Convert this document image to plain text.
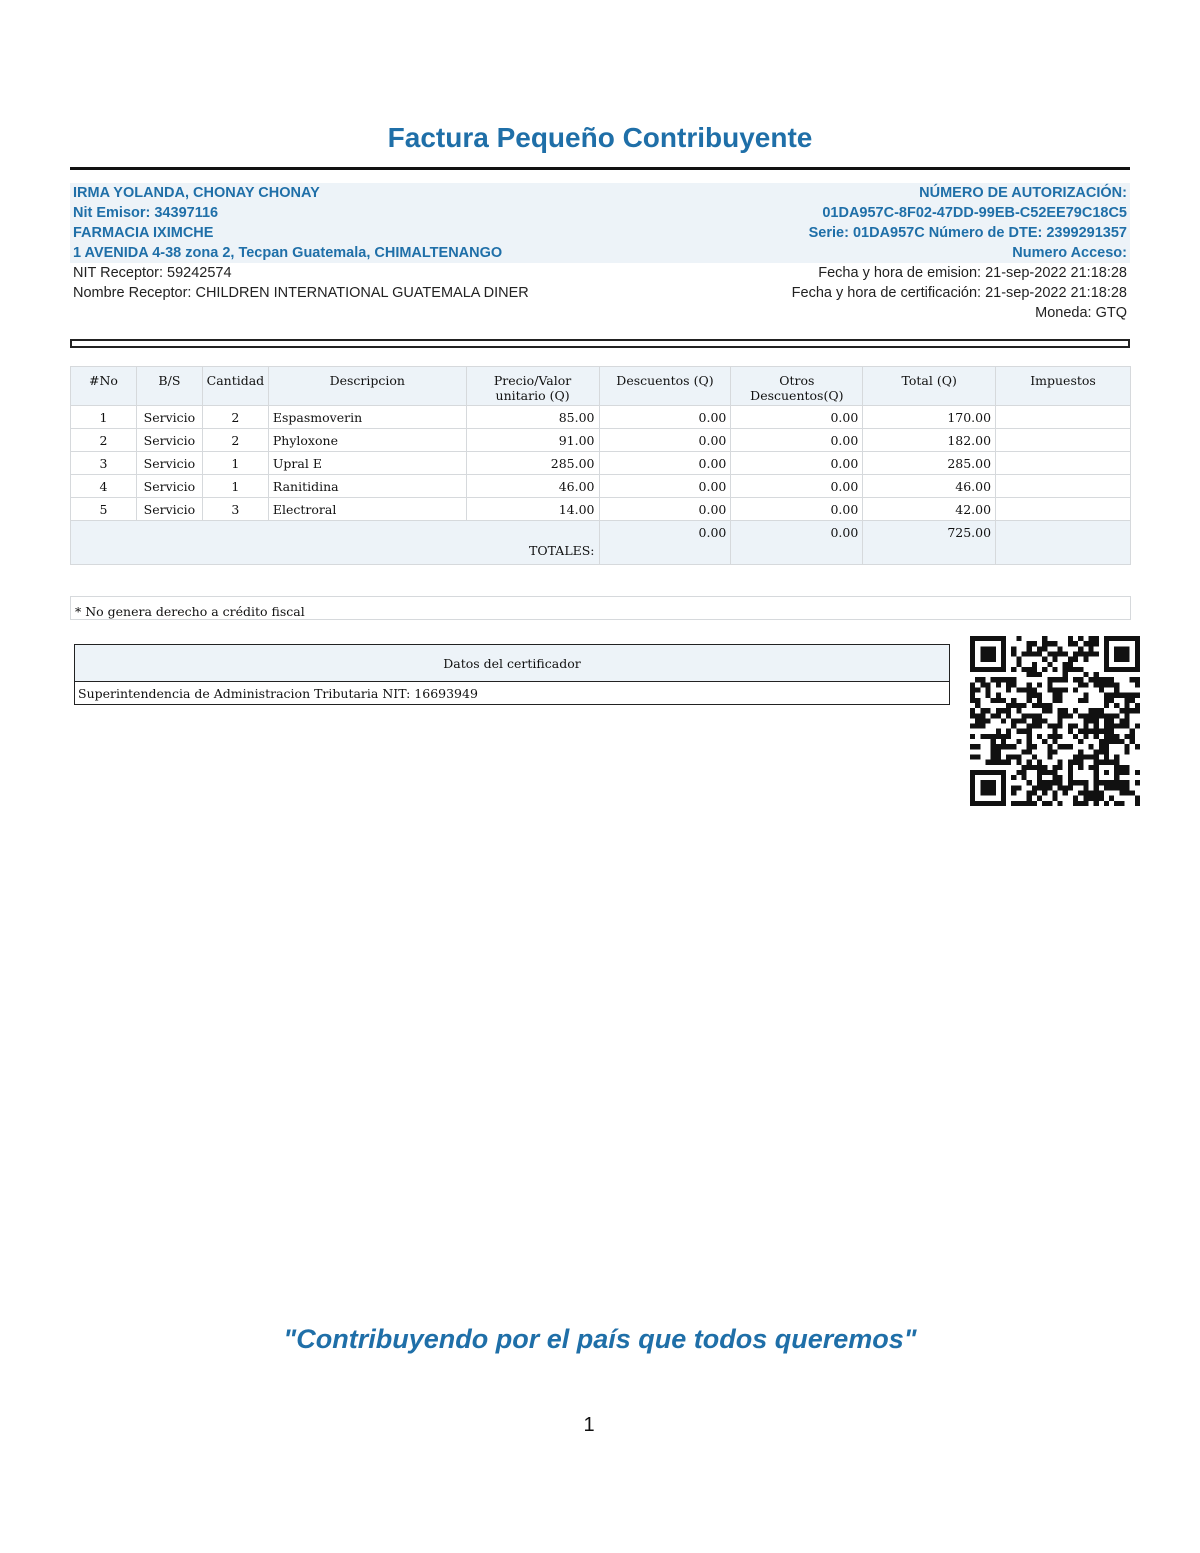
Factura Pequeño Contribuyente
IRMA YOLANDA, CHONAY CHONAY	NÚMERO DE AUTORIZACIÓN:
Nit Emisor: 34397116	01DA957C-8F02-47DD-99EB-C52EE79C18C5
FARMACIA IXIMCHE	Serie: 01DA957C Número de DTE: 2399291357
1 AVENIDA 4-38 zona 2, Tecpan Guatemala, CHIMALTENANGO	Numero Acceso:
NIT Receptor: 59242574	Fecha y hora de emision: 21-sep-2022 21:18:28
Nombre Receptor: CHILDREN INTERNATIONAL GUATEMALA DINER	Fecha y hora de certificación: 21-sep-2022 21:18:28
Moneda: GTQ
#No	B/S	Cantidad	Descripcion	Precio/Valor unitario (Q)	Descuentos (Q)	Otros Descuentos(Q)	Total (Q)	Impuestos
1	Servicio	2	Espasmoverin	85.00	0.00	0.00	170.00	
2	Servicio	2	Phyloxone	91.00	0.00	0.00	182.00	
3	Servicio	1	Upral E	285.00	0.00	0.00	285.00	
4	Servicio	1	Ranitidina	46.00	0.00	0.00	46.00	
5	Servicio	3	Electroral	14.00	0.00	0.00	42.00	
TOTALES:					0.00	0.00	725.00	
* No genera derecho a crédito fiscal
Datos del certificador
Superintendencia de Administracion Tributaria NIT: 16693949
"Contribuyendo por el país que todos queremos"
1
